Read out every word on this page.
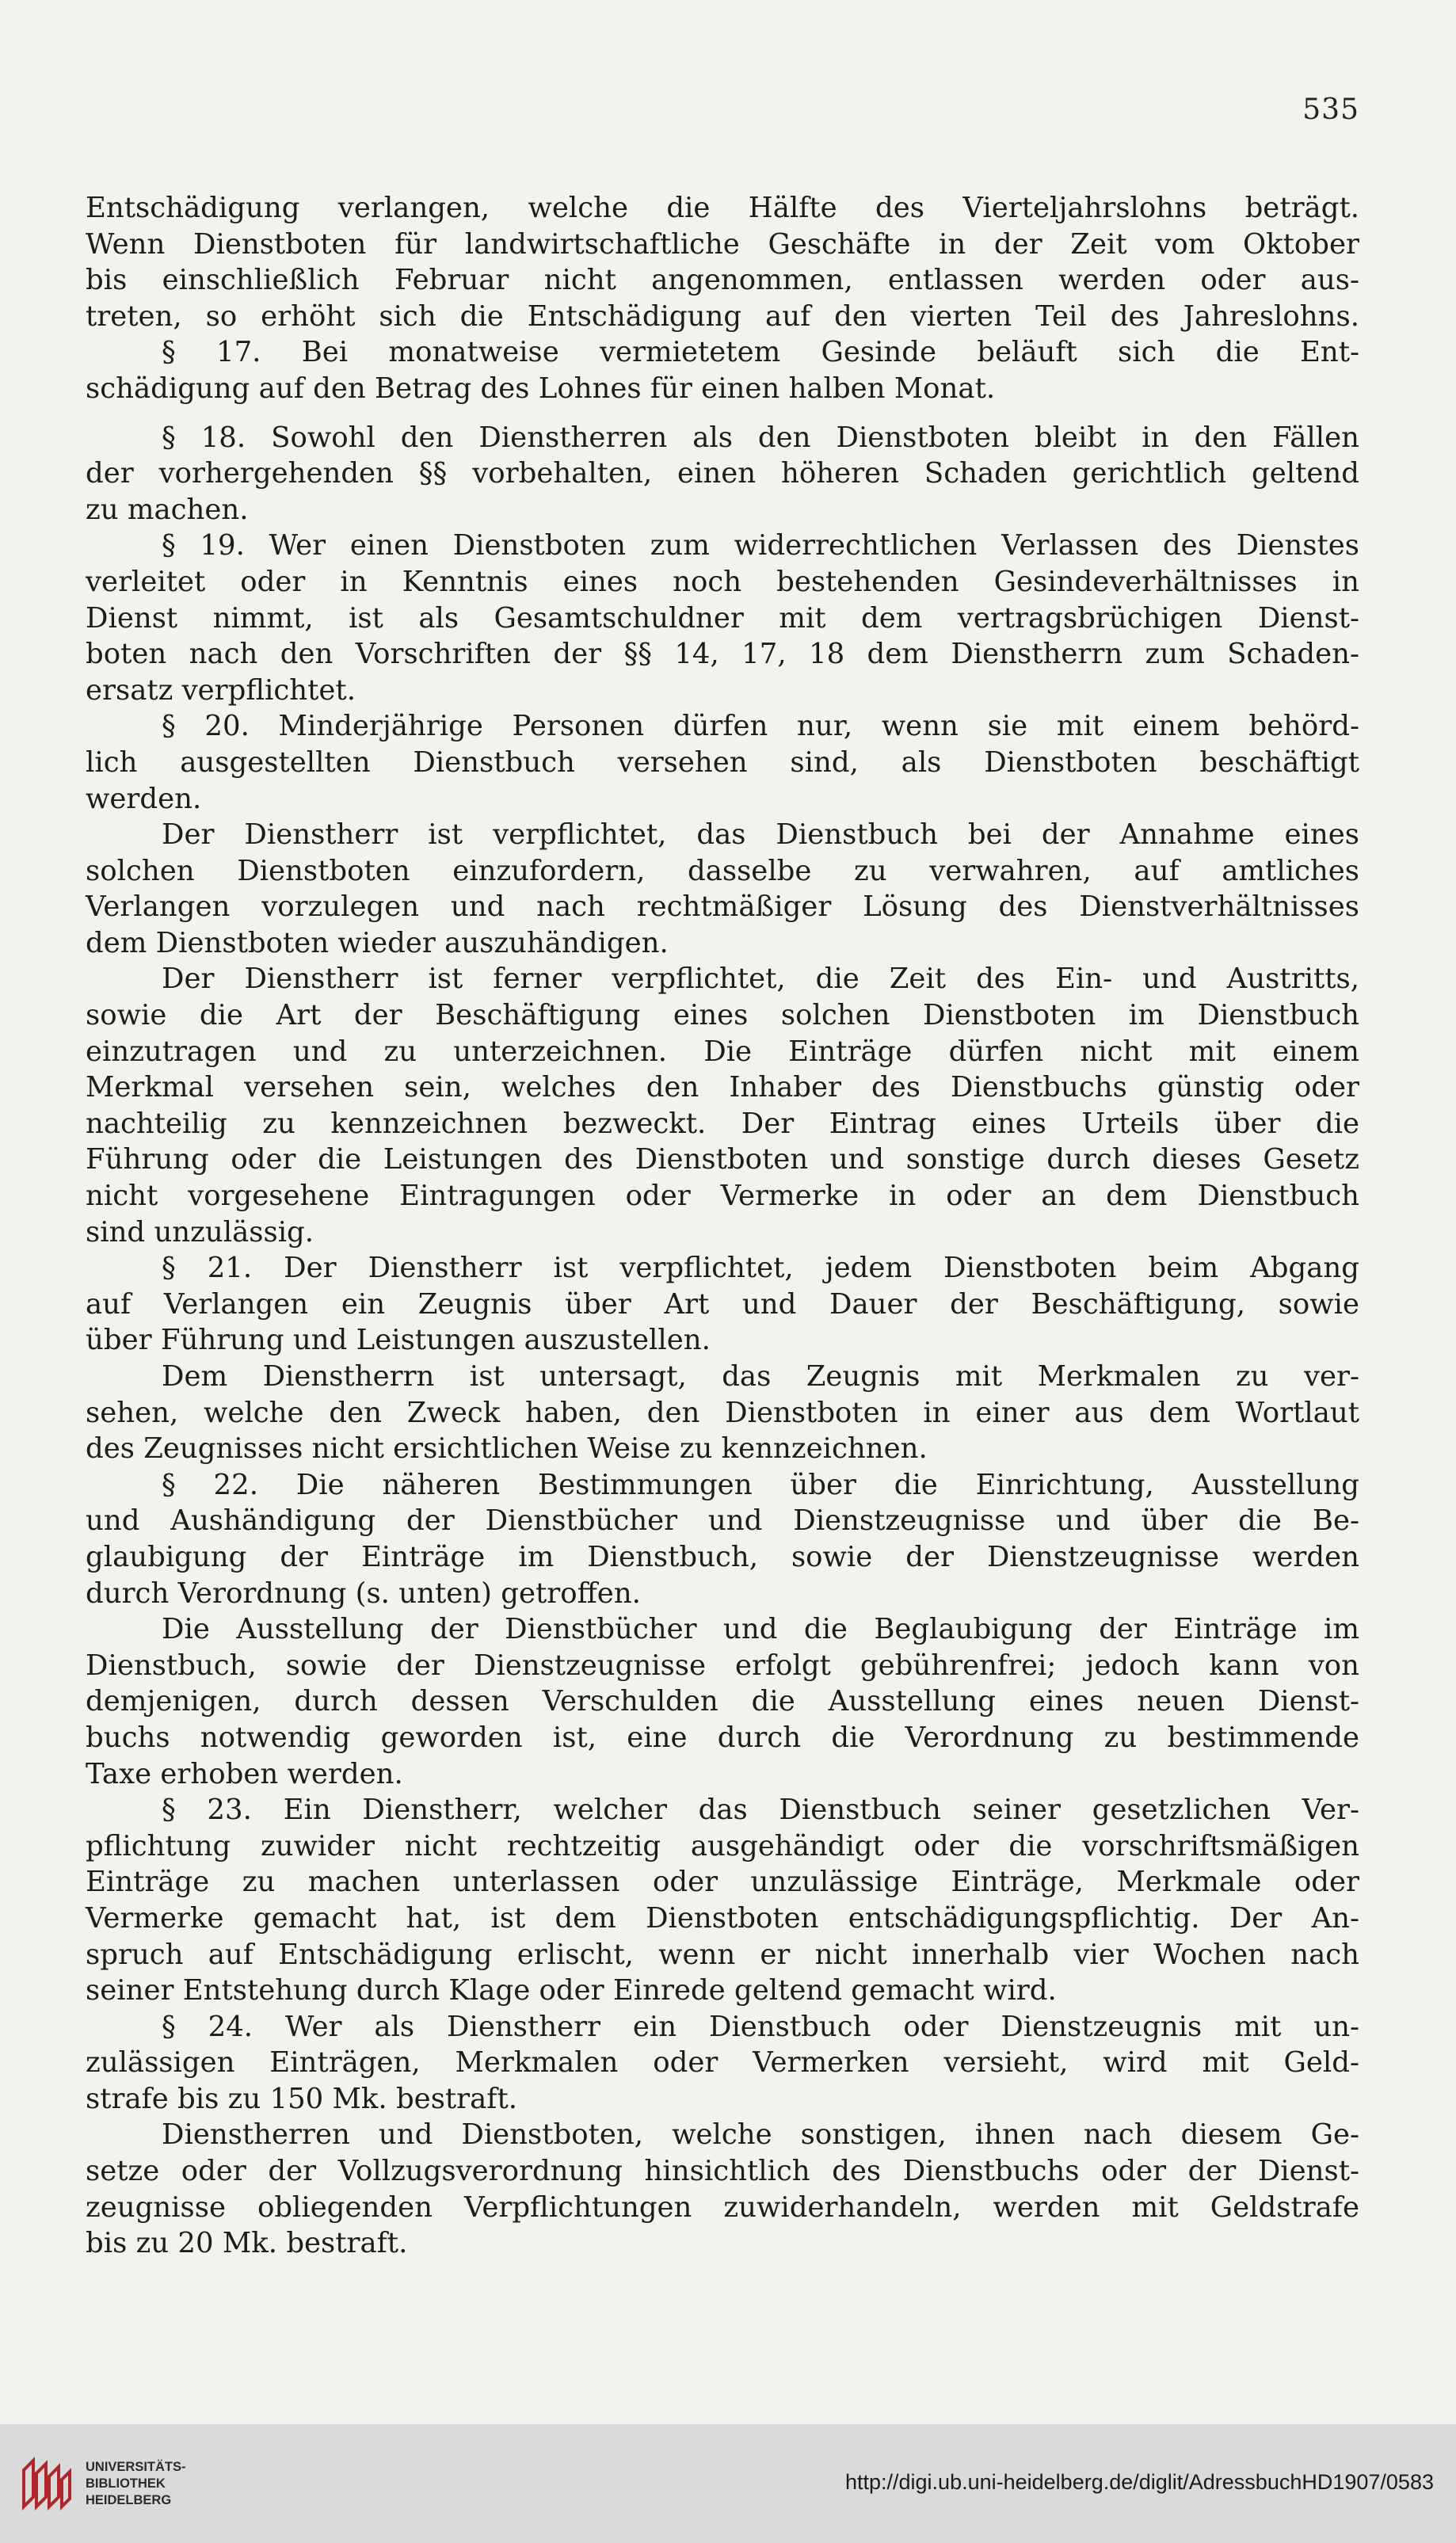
535
Entschädigung verlangen, welche die Hälfte des Vierteljahrslohns beträgt.
Wenn Dienstboten für landwirtschaftliche Geschäfte in der Zeit vom Oktober
bis einschließlich Februar nicht angenommen, entlassen werden oder aus-
treten, so erhöht sich die Entschädigung auf den vierten Teil des Jahreslohns.
§ 17. Bei monatweise vermietetem Gesinde beläuft sich die Ent-
schädigung auf den Betrag des Lohnes für einen halben Monat.
§ 18. Sowohl den Dienstherren als den Dienstboten bleibt in den Fällen
der vorhergehenden §§ vorbehalten, einen höheren Schaden gerichtlich geltend
zu machen.
§ 19. Wer einen Dienstboten zum widerrechtlichen Verlassen des Dienstes
verleitet oder in Kenntnis eines noch bestehenden Gesindeverhältnisses in
Dienst nimmt, ist als Gesamtschuldner mit dem vertragsbrüchigen Dienst-
boten nach den Vorschriften der §§ 14, 17, 18 dem Dienstherrn zum Schaden-
ersatz verpflichtet.
§ 20. Minderjährige Personen dürfen nur, wenn sie mit einem behörd-
lich ausgestellten Dienstbuch versehen sind, als Dienstboten beschäftigt
werden.
Der Dienstherr ist verpflichtet, das Dienstbuch bei der Annahme eines
solchen Dienstboten einzufordern, dasselbe zu verwahren, auf amtliches
Verlangen vorzulegen und nach rechtmäßiger Lösung des Dienstverhältnisses
dem Dienstboten wieder auszuhändigen.
Der Dienstherr ist ferner verpflichtet, die Zeit des Ein- und Austritts,
sowie die Art der Beschäftigung eines solchen Dienstboten im Dienstbuch
einzutragen und zu unterzeichnen. Die Einträge dürfen nicht mit einem
Merkmal versehen sein, welches den Inhaber des Dienstbuchs günstig oder
nachteilig zu kennzeichnen bezweckt. Der Eintrag eines Urteils über die
Führung oder die Leistungen des Dienstboten und sonstige durch dieses Gesetz
nicht vorgesehene Eintragungen oder Vermerke in oder an dem Dienstbuch
sind unzulässig.
§ 21. Der Dienstherr ist verpflichtet, jedem Dienstboten beim Abgang
auf Verlangen ein Zeugnis über Art und Dauer der Beschäftigung, sowie
über Führung und Leistungen auszustellen.
Dem Dienstherrn ist untersagt, das Zeugnis mit Merkmalen zu ver-
sehen, welche den Zweck haben, den Dienstboten in einer aus dem Wortlaut
des Zeugnisses nicht ersichtlichen Weise zu kennzeichnen.
§ 22. Die näheren Bestimmungen über die Einrichtung, Ausstellung
und Aushändigung der Dienstbücher und Dienstzeugnisse und über die Be-
glaubigung der Einträge im Dienstbuch, sowie der Dienstzeugnisse werden
durch Verordnung (s. unten) getroffen.
Die Ausstellung der Dienstbücher und die Beglaubigung der Einträge im
Dienstbuch, sowie der Dienstzeugnisse erfolgt gebührenfrei; jedoch kann von
demjenigen, durch dessen Verschulden die Ausstellung eines neuen Dienst-
buchs notwendig geworden ist, eine durch die Verordnung zu bestimmende
Taxe erhoben werden.
§ 23. Ein Dienstherr, welcher das Dienstbuch seiner gesetzlichen Ver-
pflichtung zuwider nicht rechtzeitig ausgehändigt oder die vorschriftsmäßigen
Einträge zu machen unterlassen oder unzulässige Einträge, Merkmale oder
Vermerke gemacht hat, ist dem Dienstboten entschädigungspflichtig. Der An-
spruch auf Entschädigung erlischt, wenn er nicht innerhalb vier Wochen nach
seiner Entstehung durch Klage oder Einrede geltend gemacht wird.
§ 24. Wer als Dienstherr ein Dienstbuch oder Dienstzeugnis mit un-
zulässigen Einträgen, Merkmalen oder Vermerken versieht, wird mit Geld-
strafe bis zu 150 Mk. bestraft.
Dienstherren und Dienstboten, welche sonstigen, ihnen nach diesem Ge-
setze oder der Vollzugsverordnung hinsichtlich des Dienstbuchs oder der Dienst-
zeugnisse obliegenden Verpflichtungen zuwiderhandeln, werden mit Geldstrafe
bis zu 20 Mk. bestraft.
UNIVERSITÄTS-
BIBLIOTHEK
HEIDELBERG
http://digi.ub.uni-heidelberg.de/diglit/AdressbuchHD1907/0583
